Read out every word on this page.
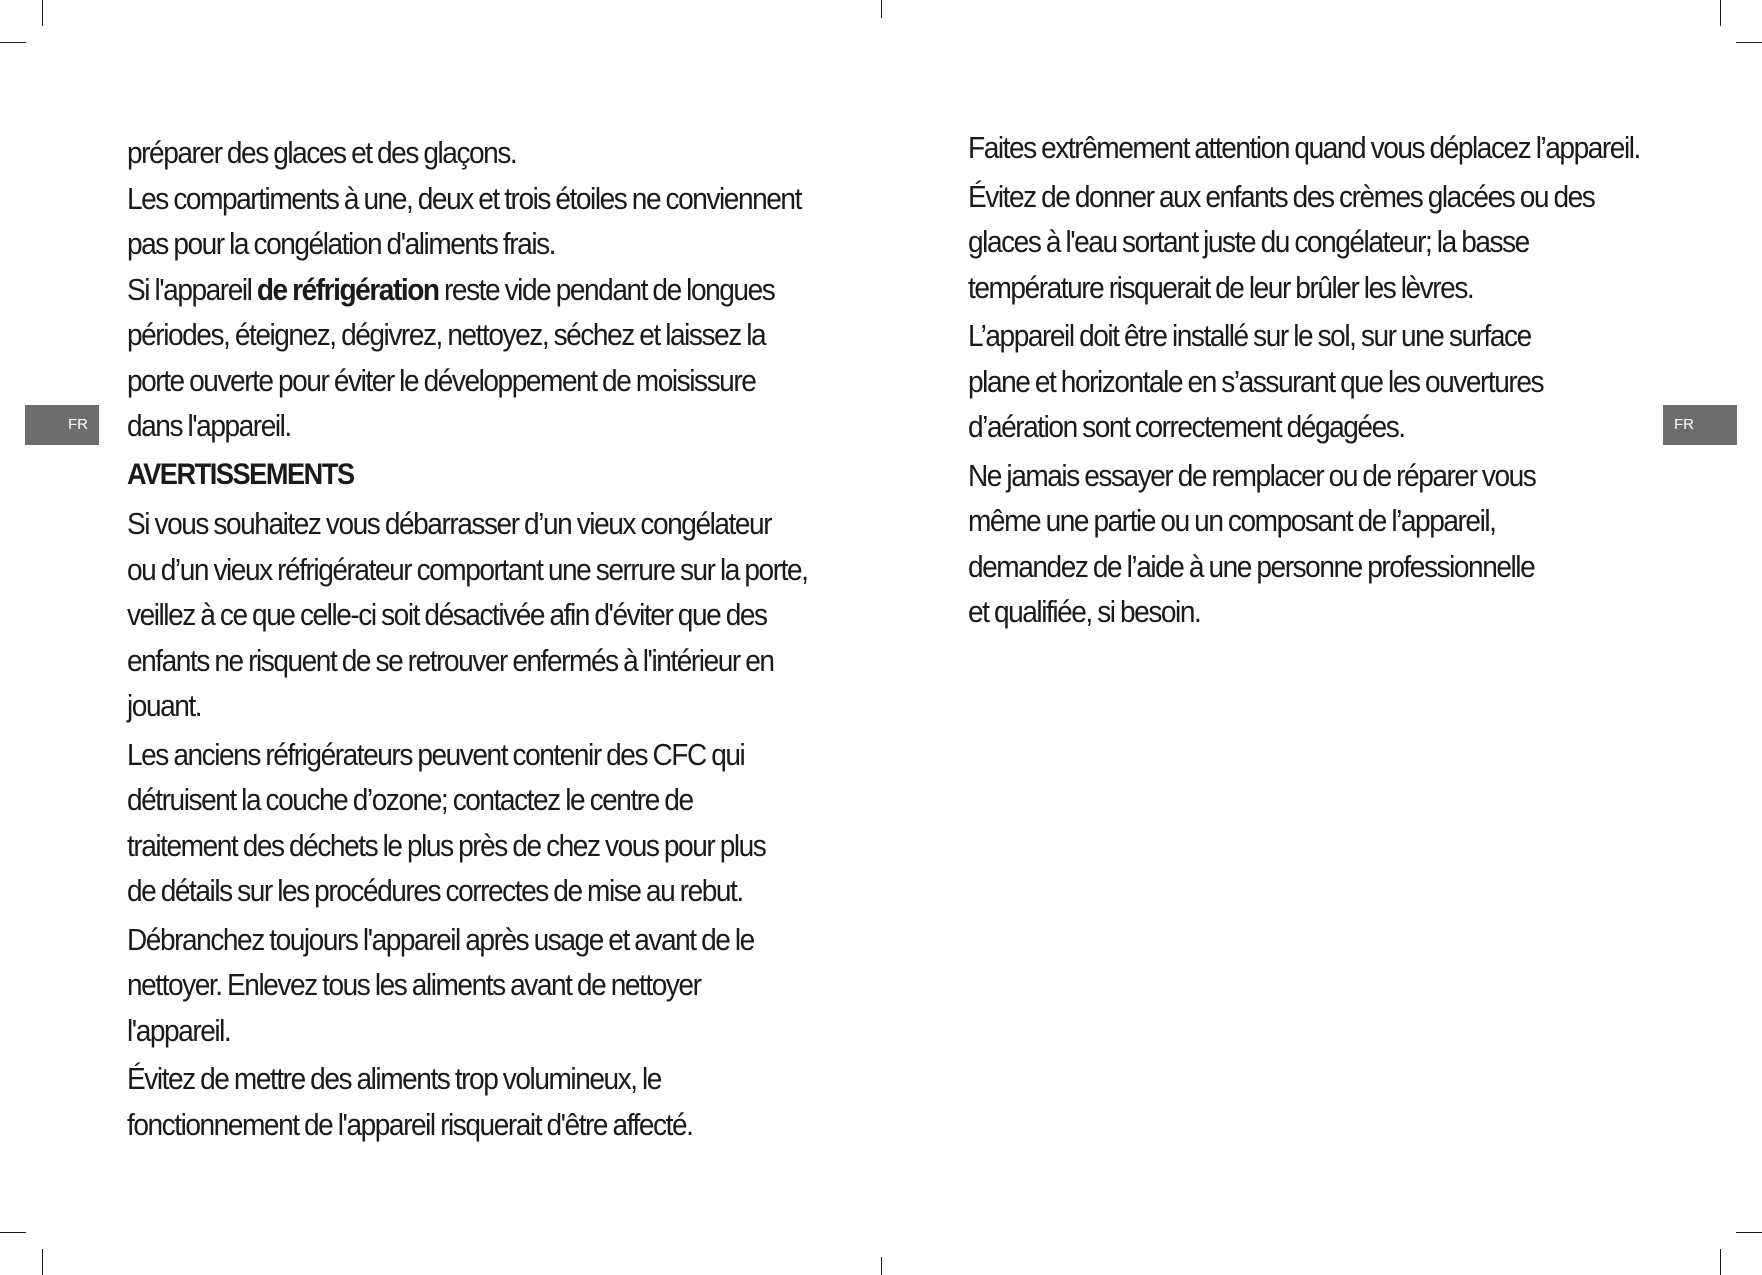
FR	FR

préparer des glaces et des glaçons.

Les compartiments à une, deux et trois étoiles ne conviennent
pas pour la congélation d'aliments frais.

Si l'appareil de réfrigération reste vide pendant de longues
périodes, éteignez, dégivrez, nettoyez, séchez et laissez la
porte ouverte pour éviter le développement de moisissure
dans l'appareil.

AVERTISSEMENTS

Si vous souhaitez vous débarrasser d’un vieux congélateur
ou d’un vieux réfrigérateur comportant une serrure sur la porte,
veillez à ce que celle-ci soit désactivée afin d'éviter que des
enfants ne risquent de se retrouver enfermés à l'intérieur en
jouant.

Les anciens réfrigérateurs peuvent contenir des CFC qui
détruisent la couche d’ozone; contactez le centre de
traitement des déchets le plus près de chez vous pour plus
de détails sur les procédures correctes de mise au rebut.

Débranchez toujours l'appareil après usage et avant de le
nettoyer. Enlevez tous les aliments avant de nettoyer
l'appareil.

Évitez de mettre des aliments trop volumineux, le
fonctionnement de l'appareil risquerait d'être affecté.

Faites extrêmement attention quand vous déplacez l’appareil.

Évitez de donner aux enfants des crèmes glacées ou des
glaces à l'eau sortant juste du congélateur; la basse
température risquerait de leur brûler les lèvres.

L’appareil doit être installé sur le sol, sur une surface
plane et horizontale en s’assurant que les ouvertures
d’aération sont correctement dégagées.

Ne jamais essayer de remplacer ou de réparer vous
même une partie ou un composant de l’appareil,
demandez de l’aide à une personne professionnelle
et qualifiée, si besoin.
